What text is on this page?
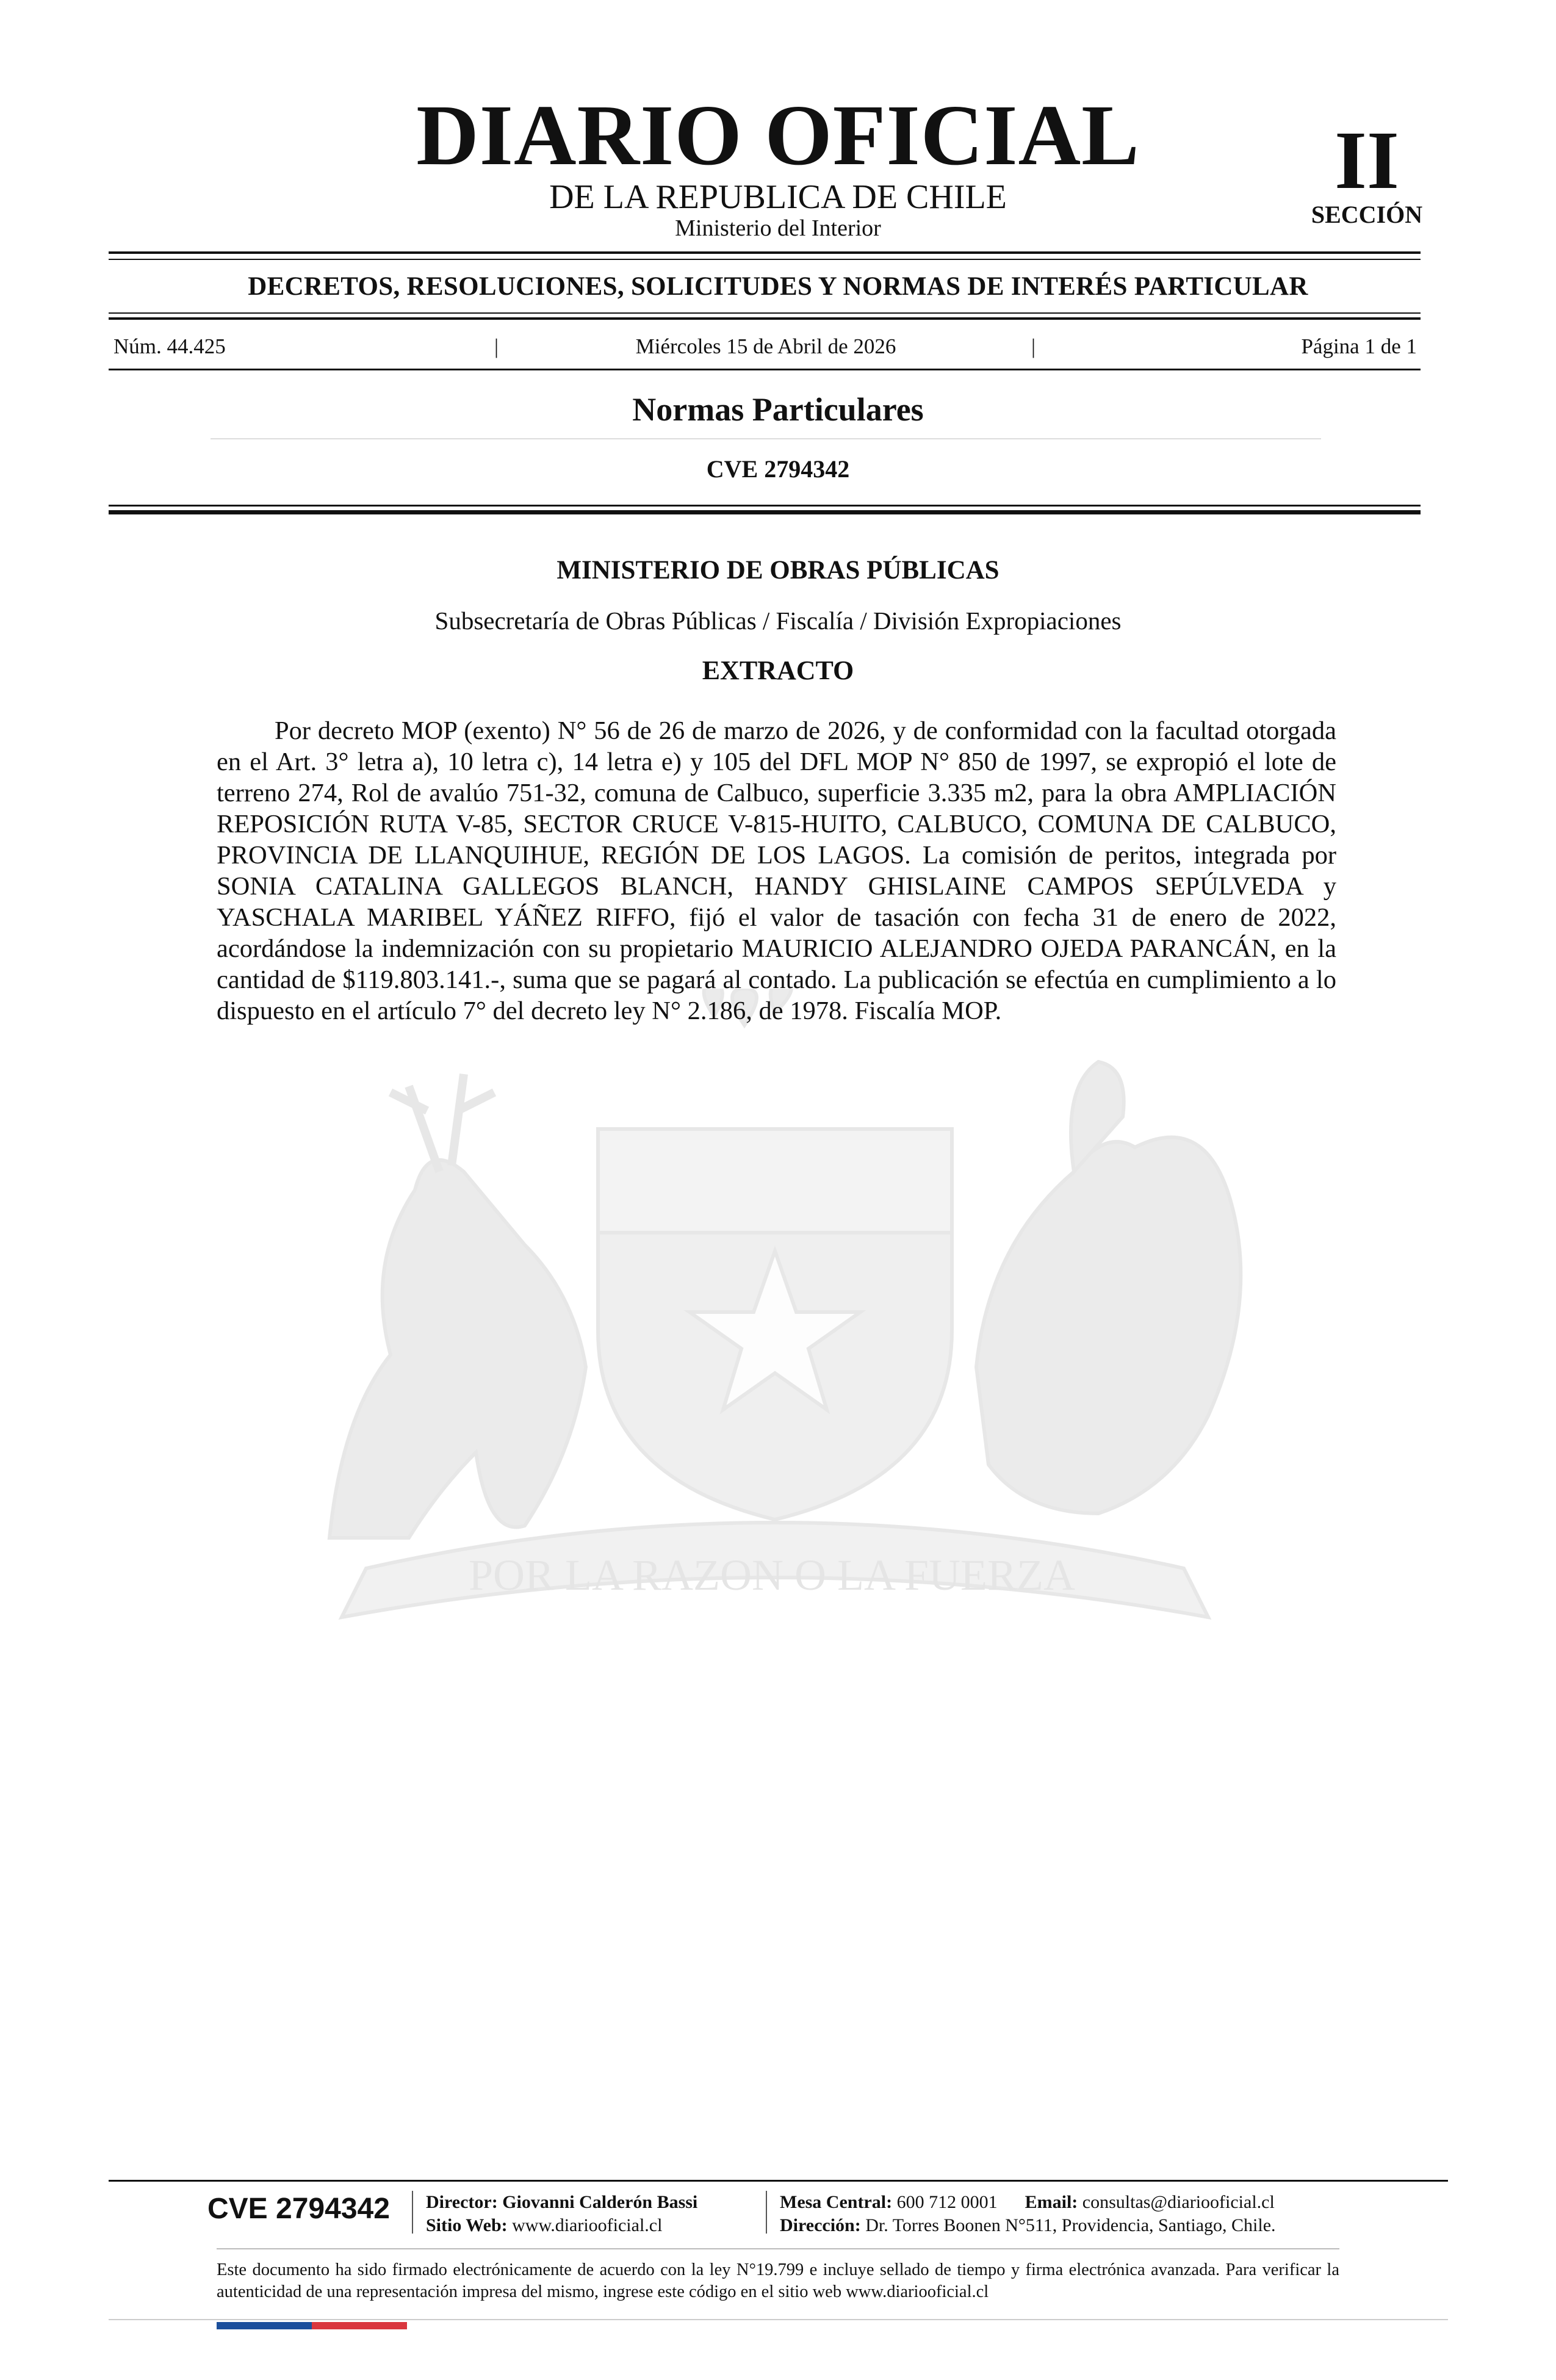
POR LA RAZON O LA FUERZA
DIARIO OFICIAL
DE LA REPUBLICA DE CHILE
Ministerio del Interior
II
SECCIÓN
DECRETOS, RESOLUCIONES, SOLICITUDES Y NORMAS DE INTERÉS PARTICULAR
Núm. 44.425	|	Miércoles 15 de Abril de 2026	|	Página 1 de 1
Normas Particulares
CVE 2794342
MINISTERIO DE OBRAS PÚBLICAS
Subsecretaría de Obras Públicas / Fiscalía / División Expropiaciones
EXTRACTO
Por decreto MOP (exento) N° 56 de 26 de marzo de 2026, y de conformidad con la facultad otorgada en el Art. 3° letra a), 10 letra c), 14 letra e) y 105 del DFL MOP N° 850 de 1997, se expropió el lote de terreno 274, Rol de avalúo 751-32, comuna de Calbuco, superficie 3.335 m2, para la obra AMPLIACIÓN REPOSICIÓN RUTA V-85, SECTOR CRUCE V-815-HUITO, CALBUCO, COMUNA DE CALBUCO, PROVINCIA DE LLANQUIHUE, REGIÓN DE LOS LAGOS. La comisión de peritos, integrada por SONIA CATALINA GALLEGOS BLANCH, HANDY GHISLAINE CAMPOS SEPÚLVEDA y YASCHALA MARIBEL YÁÑEZ RIFFO, fijó el valor de tasación con fecha 31 de enero de 2022, acordándose la indemnización con su propietario MAURICIO ALEJANDRO OJEDA PARANCÁN, en la cantidad de $119.803.141.-, suma que se pagará al contado. La publicación se efectúa en cumplimiento a lo dispuesto en el artículo 7° del decreto ley N° 2.186, de 1978. Fiscalía MOP.
CVE 2794342 Director: Giovanni Calderón Bassi
Sitio Web: www.diariooficial.cl
Mesa Central: 600 712 0001 Email: consultas@diariooficial.cl
Dirección: Dr. Torres Boonen N°511, Providencia, Santiago, Chile.
Este documento ha sido firmado electrónicamente de acuerdo con la ley N°19.799 e incluye sellado de tiempo y firma electrónica avanzada. Para verificar la autenticidad de una representación impresa del mismo, ingrese este código en el sitio web www.diariooficial.cl
